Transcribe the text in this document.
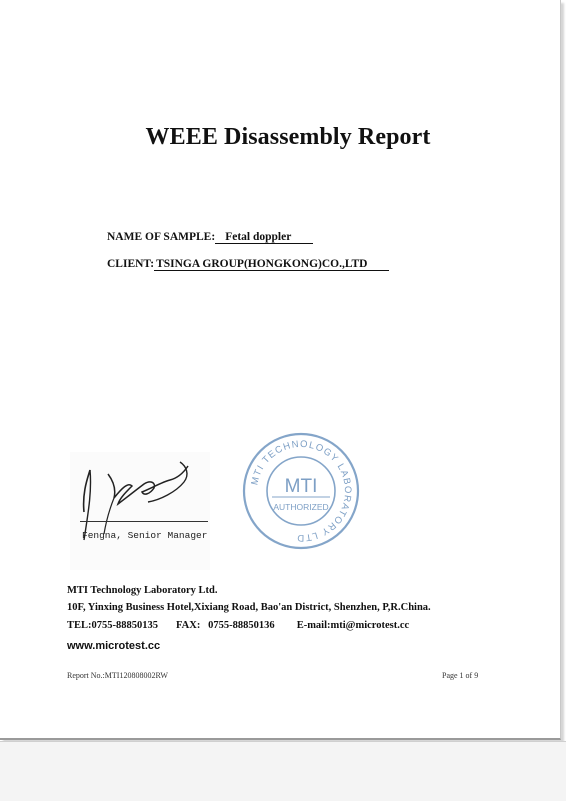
WEEE Disassembly Report
NAME OF SAMPLE: Fetal doppler
CLIENT: TSINGA GROUP(HONGKONG)CO.,LTD
Fengna, Senior Manager
MTI TECHNOLOGY LABORATORY LTD
MTI
AUTHORIZED
MTI Technology Laboratory Ltd.
10F, Yinxing Business Hotel,Xixiang Road, Bao'an District, Shenzhen, P,R.China.
TEL:0755-88850135 FAX:   0755-88850136 E-mail:mti@microtest.cc
www.microtest.cc
Report No.:MTI120808002RW	Page 1 of 9
